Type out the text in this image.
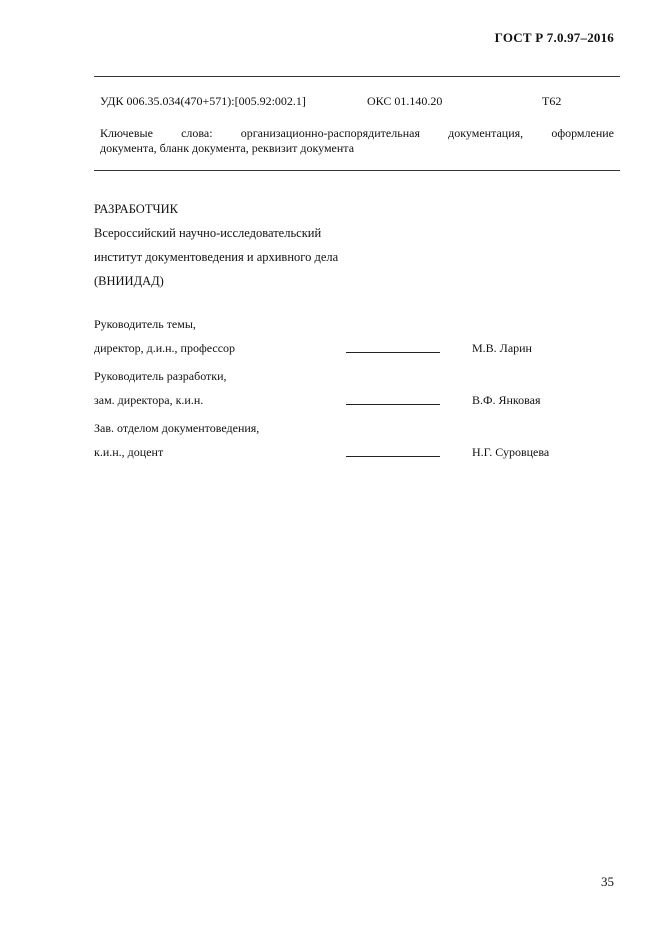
ГОСТ Р 7.0.97–2016
УДК 006.35.034(470+571):[005.92:002.1]	ОКС 01.140.20	Т62
Ключевые слова: организационно-распорядительная документация, оформление
документа, бланк документа, реквизит документа
РАЗРАБОТЧИК
Всероссийский научно-исследовательский
институт документоведения и архивного дела
(ВНИИДАД)
Руководитель темы,
директор, д.и.н., профессор	М.В. Ларин
Руководитель разработки,
зам. директора, к.и.н.	В.Ф. Янковая
Зав. отделом документоведения,
к.и.н., доцент	Н.Г. Суровцева
35
